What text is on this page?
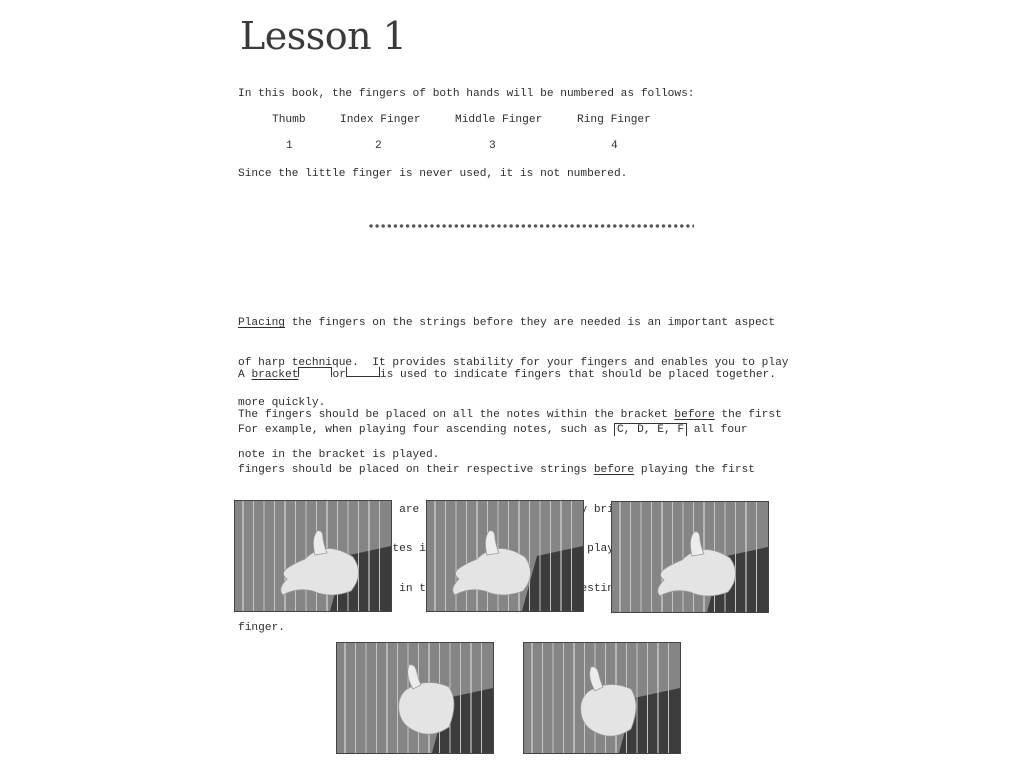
Lesson 1
In this book, the fingers of both hands will be numbered as follows:
Thumb	Index Finger	Middle Finger	Ring Finger
1	2	3	4
Since the little finger is never used, it is not numbered.

Placing the fingers on the strings before they are needed is an important aspect

of harp technique.  It provides stability for your fingers and enables you to play

more quickly.

A bracket	or	is used to indicate fingers that should be placed together.

The fingers should be placed on all the notes within the bracket before the first

note in the bracket is played.

For example, when playing four ascending notes, such as C, D, E, F all four

fingers should be placed on their respective strings before playing the first

are

notes

in      resting

finger.
